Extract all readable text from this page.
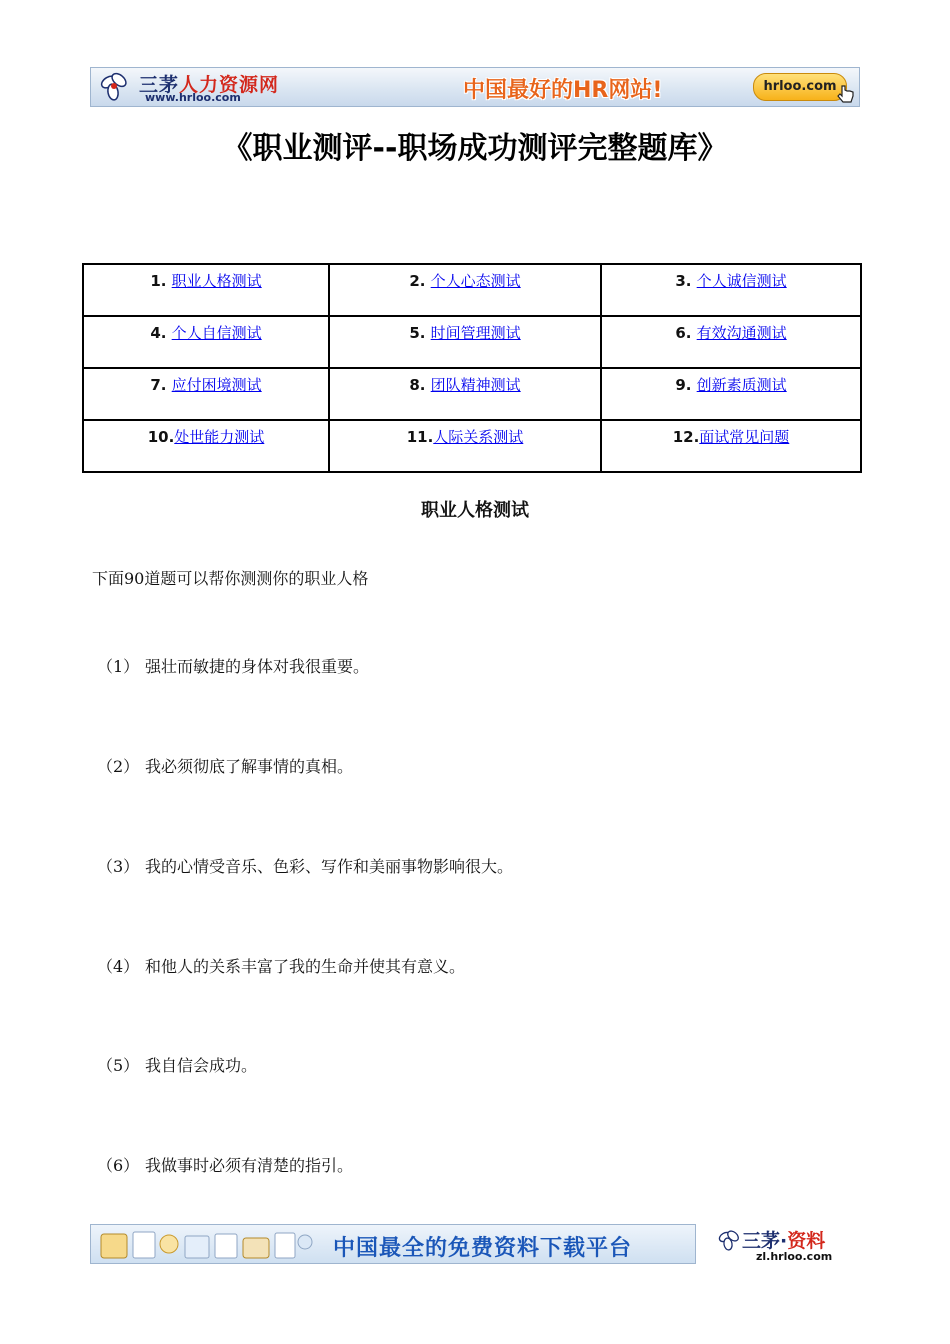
三茅人力资源网
www.hrloo.com	中国最好的HR网站!	hrloo.com
《职业测评--职场成功测评完整题库》
1. 职业人格测试	2. 个人心态测试	3. 个人诚信测试
4. 个人自信测试	5. 时间管理测试	6. 有效沟通测试
7. 应付困境测试	8. 团队精神测试	9. 创新素质测试
10.处世能力测试	11.人际关系测试	12.面试常见问题
职业人格测试

下面90道题可以帮你测测你的职业人格

（1） 强壮而敏捷的身体对我很重要。

（2） 我必须彻底了解事情的真相。

（3） 我的心情受音乐、色彩、写作和美丽事物影响很大。

（4） 和他人的关系丰富了我的生命并使其有意义。

（5） 我自信会成功。

（6） 我做事时必须有清楚的指引。

中国最全的免费资料下载平台	三茅·资料
zl.hrloo.com
